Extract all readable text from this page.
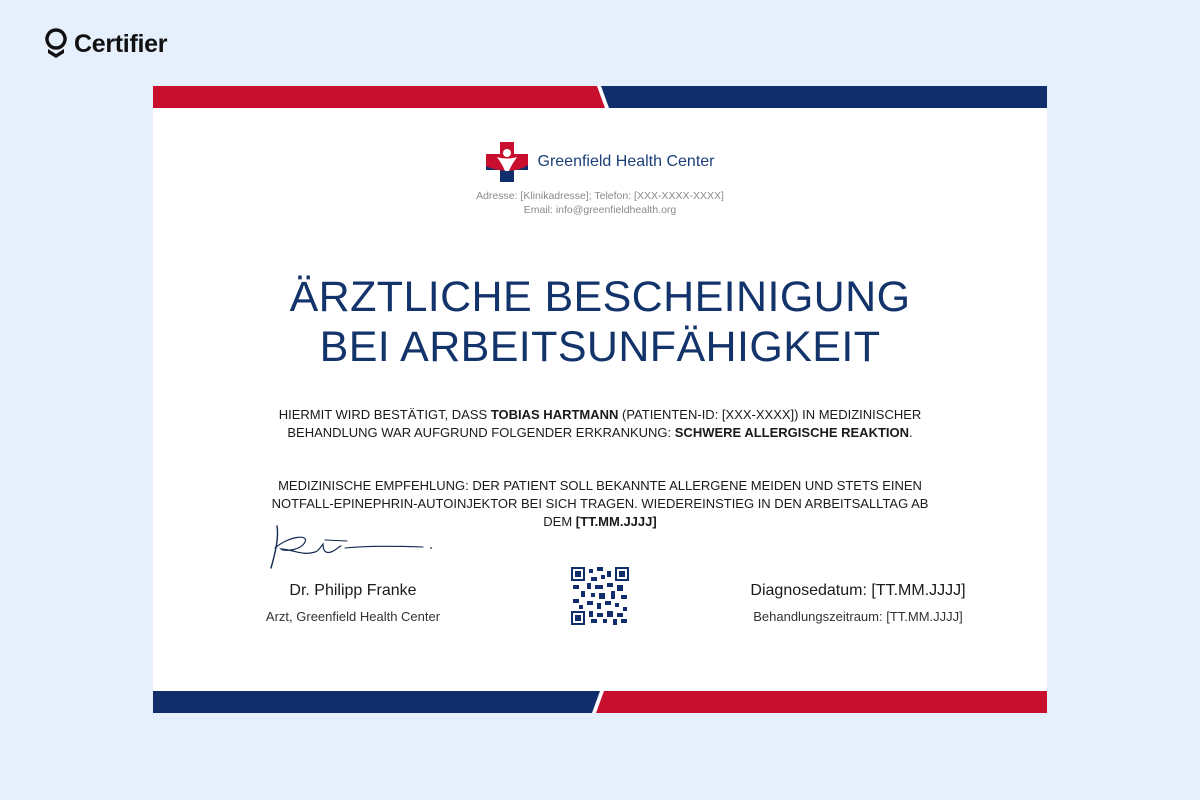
Certifier
Greenfield Health Center
Adresse: [Klinikadresse]; Telefon: [XXX-XXXX-XXXX]
Email: info@greenfieldhealth.org
ÄRZTLICHE BESCHEINIGUNG
BEI ARBEITSUNFÄHIGKEIT
HIERMIT WIRD BESTÄTIGT, DASS TOBIAS HARTMANN (PATIENTEN-ID: [XXX-XXXX]) IN MEDIZINISCHER BEHANDLUNG WAR AUFGRUND FOLGENDER ERKRANKUNG: SCHWERE ALLERGISCHE REAKTION.
MEDIZINISCHE EMPFEHLUNG: DER PATIENT SOLL BEKANNTE ALLERGENE MEIDEN UND STETS EINEN NOTFALL-EPINEPHRIN-AUTOINJEKTOR BEI SICH TRAGEN. WIEDEREINSTIEG IN DEN ARBEITSALLTAG AB DEM [TT.MM.JJJJ]
Dr. Philipp Franke
Arzt, Greenfield Health Center
Diagnosedatum: [TT.MM.JJJJ]
Behandlungszeitraum: [TT.MM.JJJJ]
